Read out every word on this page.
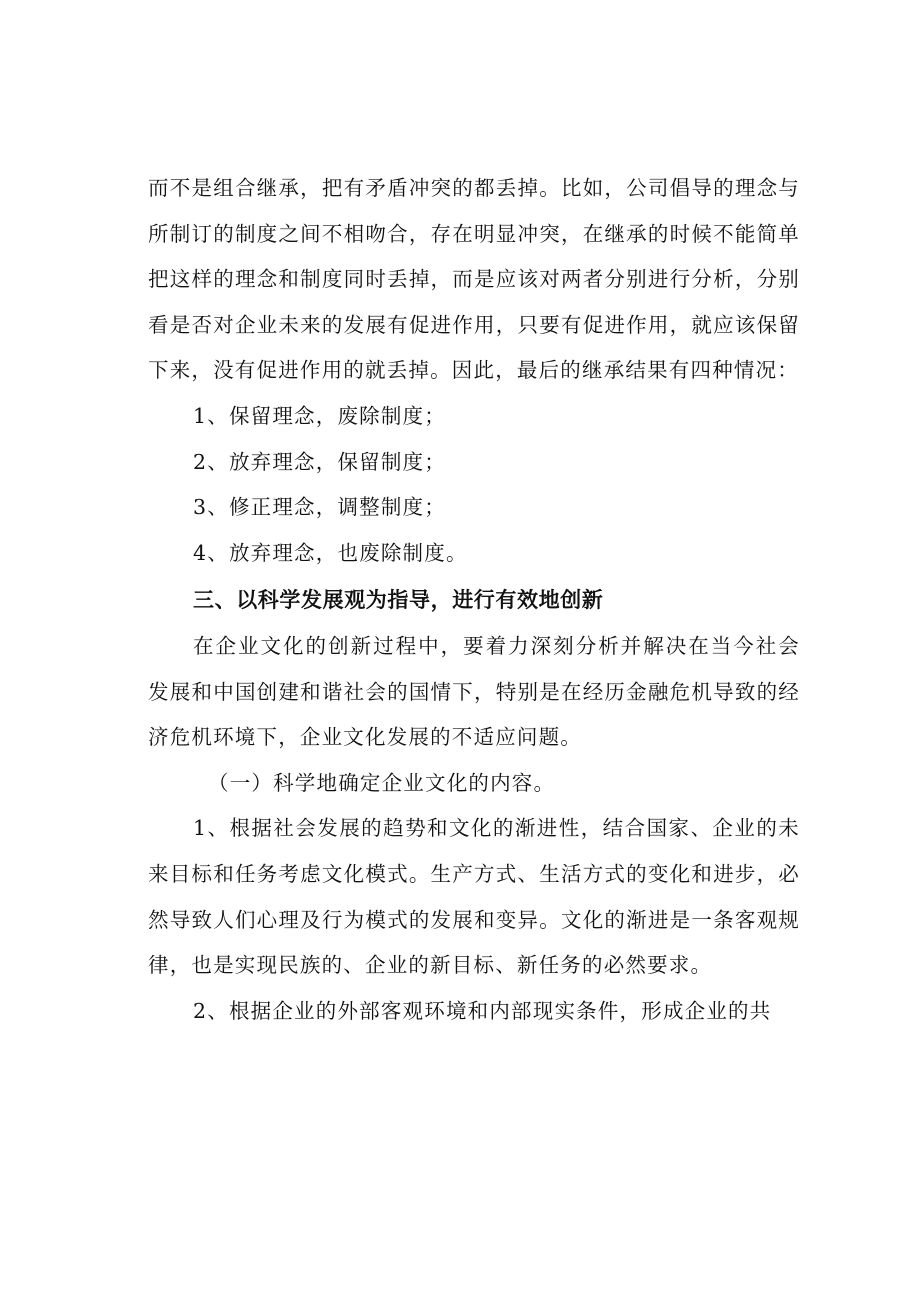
而不是组合继承，把有矛盾冲突的都丢掉。比如，公司倡导的理念与所制订的制度之间不相吻合，存在明显冲突，在继承的时候不能简单把这样的理念和制度同时丢掉，而是应该对两者分别进行分析，分别看是否对企业未来的发展有促进作用，只要有促进作用，就应该保留下来，没有促进作用的就丢掉。因此，最后的继承结果有四种情况：

1、保留理念，废除制度；

2、放弃理念，保留制度；

3、修正理念，调整制度；

4、放弃理念，也废除制度。

三、以科学发展观为指导，进行有效地创新

在企业文化的创新过程中，要着力深刻分析并解决在当今社会发展和中国创建和谐社会的国情下，特别是在经历金融危机导致的经济危机环境下，企业文化发展的不适应问题。

（一）科学地确定企业文化的内容。

1、根据社会发展的趋势和文化的渐进性，结合国家、企业的未来目标和任务考虑文化模式。生产方式、生活方式的变化和进步，必然导致人们心理及行为模式的发展和变异。文化的渐进是一条客观规律，也是实现民族的、企业的新目标、新任务的必然要求。

2、根据企业的外部客观环境和内部现实条件，形成企业的共
